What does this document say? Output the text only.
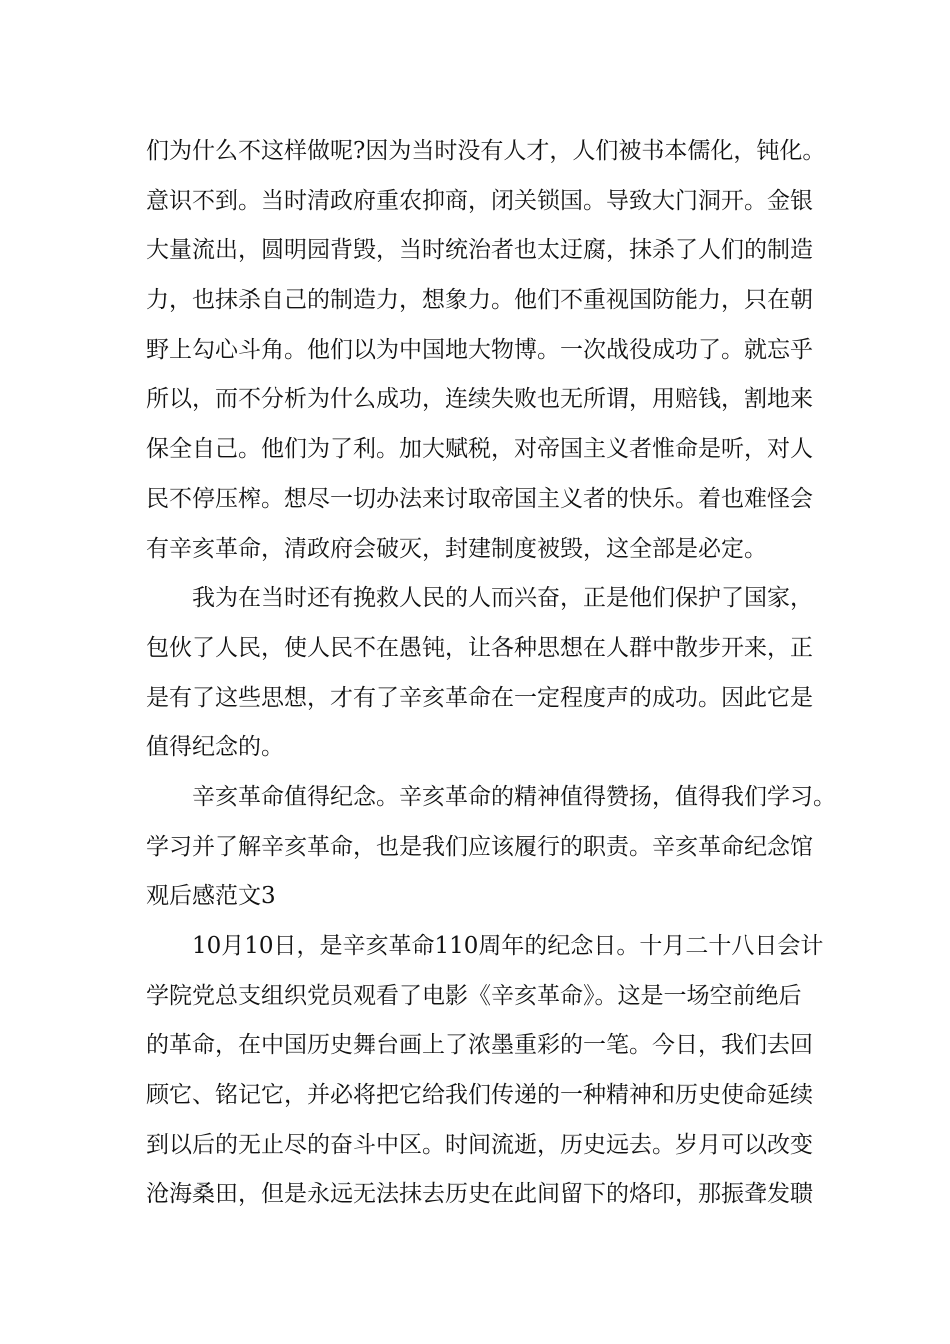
们为什么不这样做呢?因为当时没有人才，人们被书本儒化，钝化。
意识不到。当时清政府重农抑商，闭关锁国。导致大门洞开。金银
大量流出，圆明园背毁，当时统治者也太迂腐，抹杀了人们的制造
力，也抹杀自己的制造力，想象力。他们不重视国防能力，只在朝
野上勾心斗角。他们以为中国地大物博。一次战役成功了。就忘乎
所以，而不分析为什么成功，连续失败也无所谓，用赔钱，割地来
保全自己。他们为了利。加大赋税，对帝国主义者惟命是听，对人
民不停压榨。想尽一切办法来讨取帝国主义者的快乐。着也难怪会
有辛亥革命，清政府会破灭，封建制度被毁，这全部是必定。
我为在当时还有挽救人民的人而兴奋，正是他们保护了国家，
包伙了人民，使人民不在愚钝，让各种思想在人群中散步开来，正
是有了这些思想，才有了辛亥革命在一定程度声的成功。因此它是
值得纪念的。
辛亥革命值得纪念。辛亥革命的精神值得赞扬，值得我们学习。
学习并了解辛亥革命，也是我们应该履行的职责。辛亥革命纪念馆
观后感范文3
10月10日，是辛亥革命110周年的纪念日。十月二十八日会计
学院党总支组织党员观看了电影《辛亥革命》。这是一场空前绝后
的革命，在中国历史舞台画上了浓墨重彩的一笔。今日，我们去回
顾它、铭记它，并必将把它给我们传递的一种精神和历史使命延续
到以后的无止尽的奋斗中区。时间流逝，历史远去。岁月可以改变
沧海桑田，但是永远无法抹去历史在此间留下的烙印，那振聋发聩
